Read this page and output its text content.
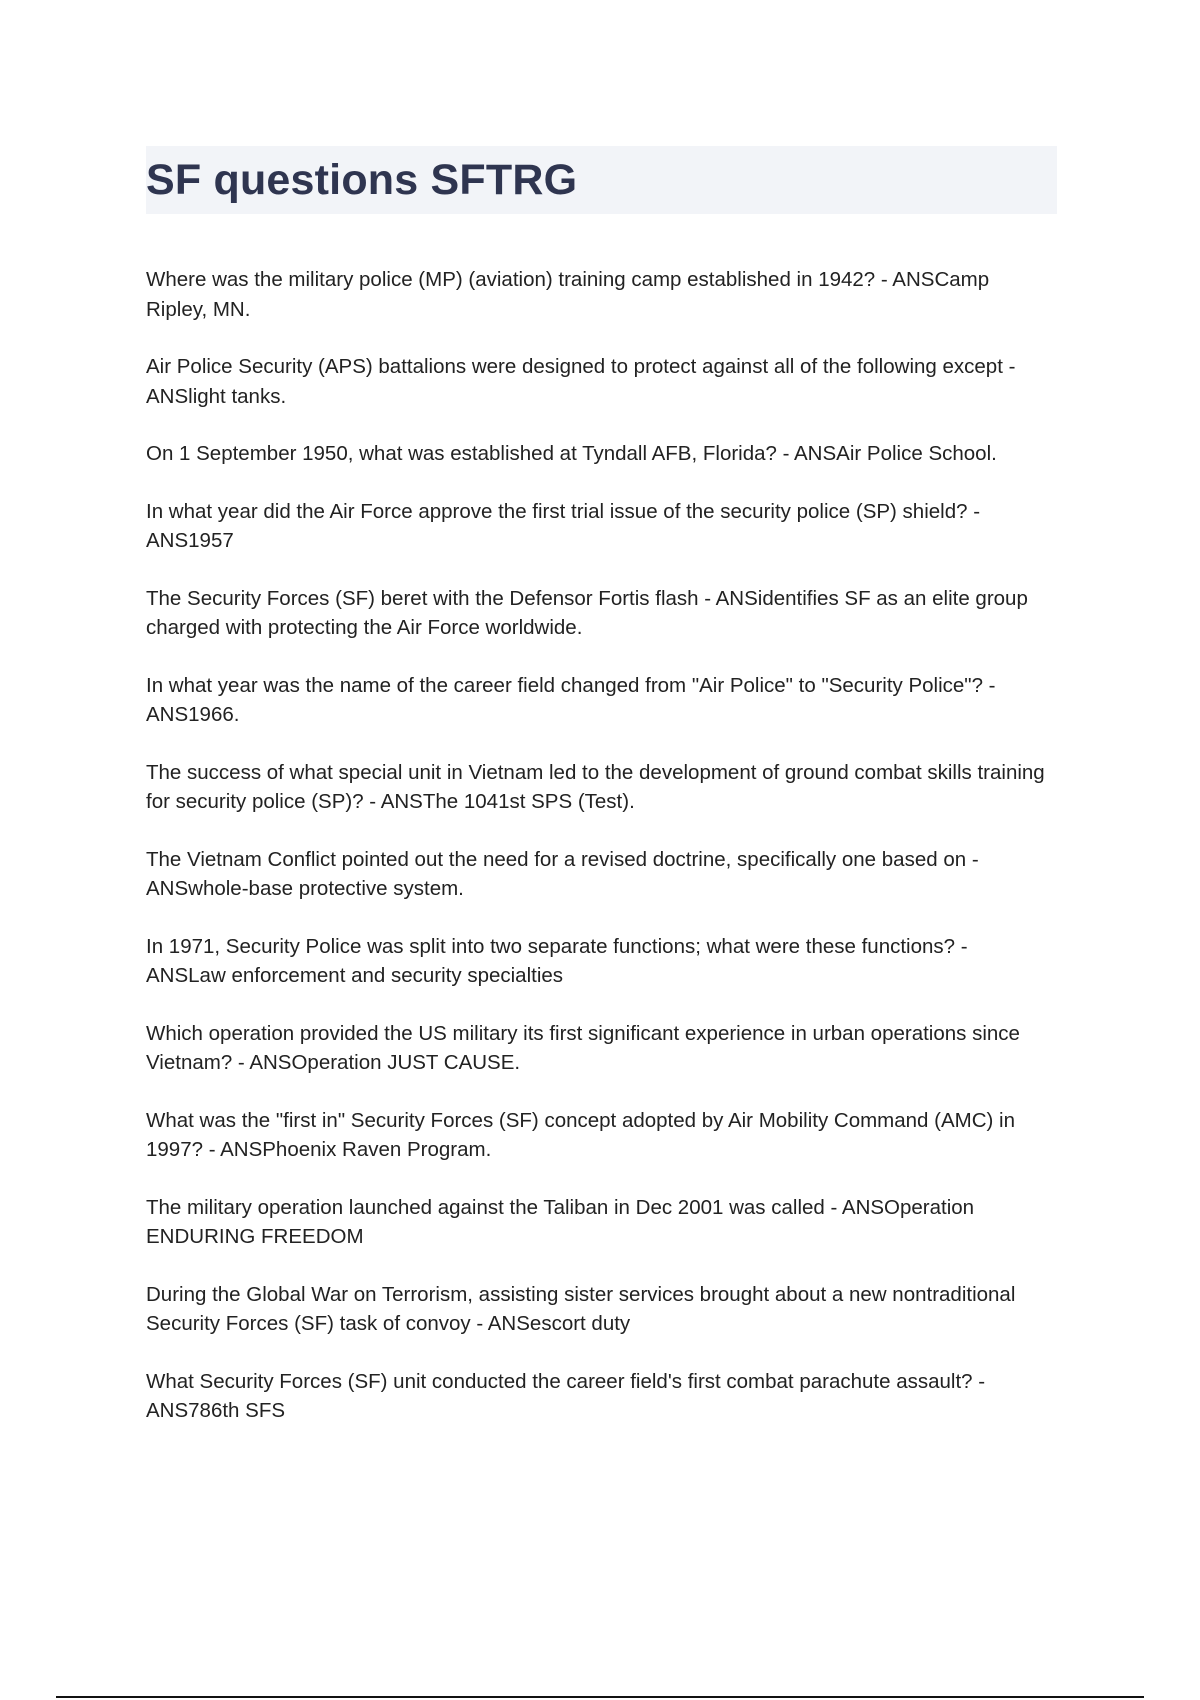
SF questions SFTRG
Where was the military police (MP) (aviation) training camp established in 1942? - ANSCamp Ripley, MN.
Air Police Security (APS) battalions were designed to protect against all of the following except - ANSlight tanks.
On 1 September 1950, what was established at Tyndall AFB, Florida? - ANSAir Police School.
In what year did the Air Force approve the first trial issue of the security police (SP) shield? - ANS1957
The Security Forces (SF) beret with the Defensor Fortis flash - ANSidentifies SF as an elite group charged with protecting the Air Force worldwide.
In what year was the name of the career field changed from "Air Police" to "Security Police"? - ANS1966.
The success of what special unit in Vietnam led to the development of ground combat skills training for security police (SP)? - ANSThe 1041st SPS (Test).
The Vietnam Conflict pointed out the need for a revised doctrine, specifically one based on - ANSwhole-base protective system.
In 1971, Security Police was split into two separate functions; what were these functions? - ANSLaw enforcement and security specialties
Which operation provided the US military its first significant experience in urban operations since Vietnam? - ANSOperation JUST CAUSE.
What was the "first in" Security Forces (SF) concept adopted by Air Mobility Command (AMC) in 1997? - ANSPhoenix Raven Program.
The military operation launched against the Taliban in Dec 2001 was called - ANSOperation ENDURING FREEDOM
During the Global War on Terrorism, assisting sister services brought about a new nontraditional Security Forces (SF) task of convoy - ANSescort duty
What Security Forces (SF) unit conducted the career field's first combat parachute assault? - ANS786th SFS
